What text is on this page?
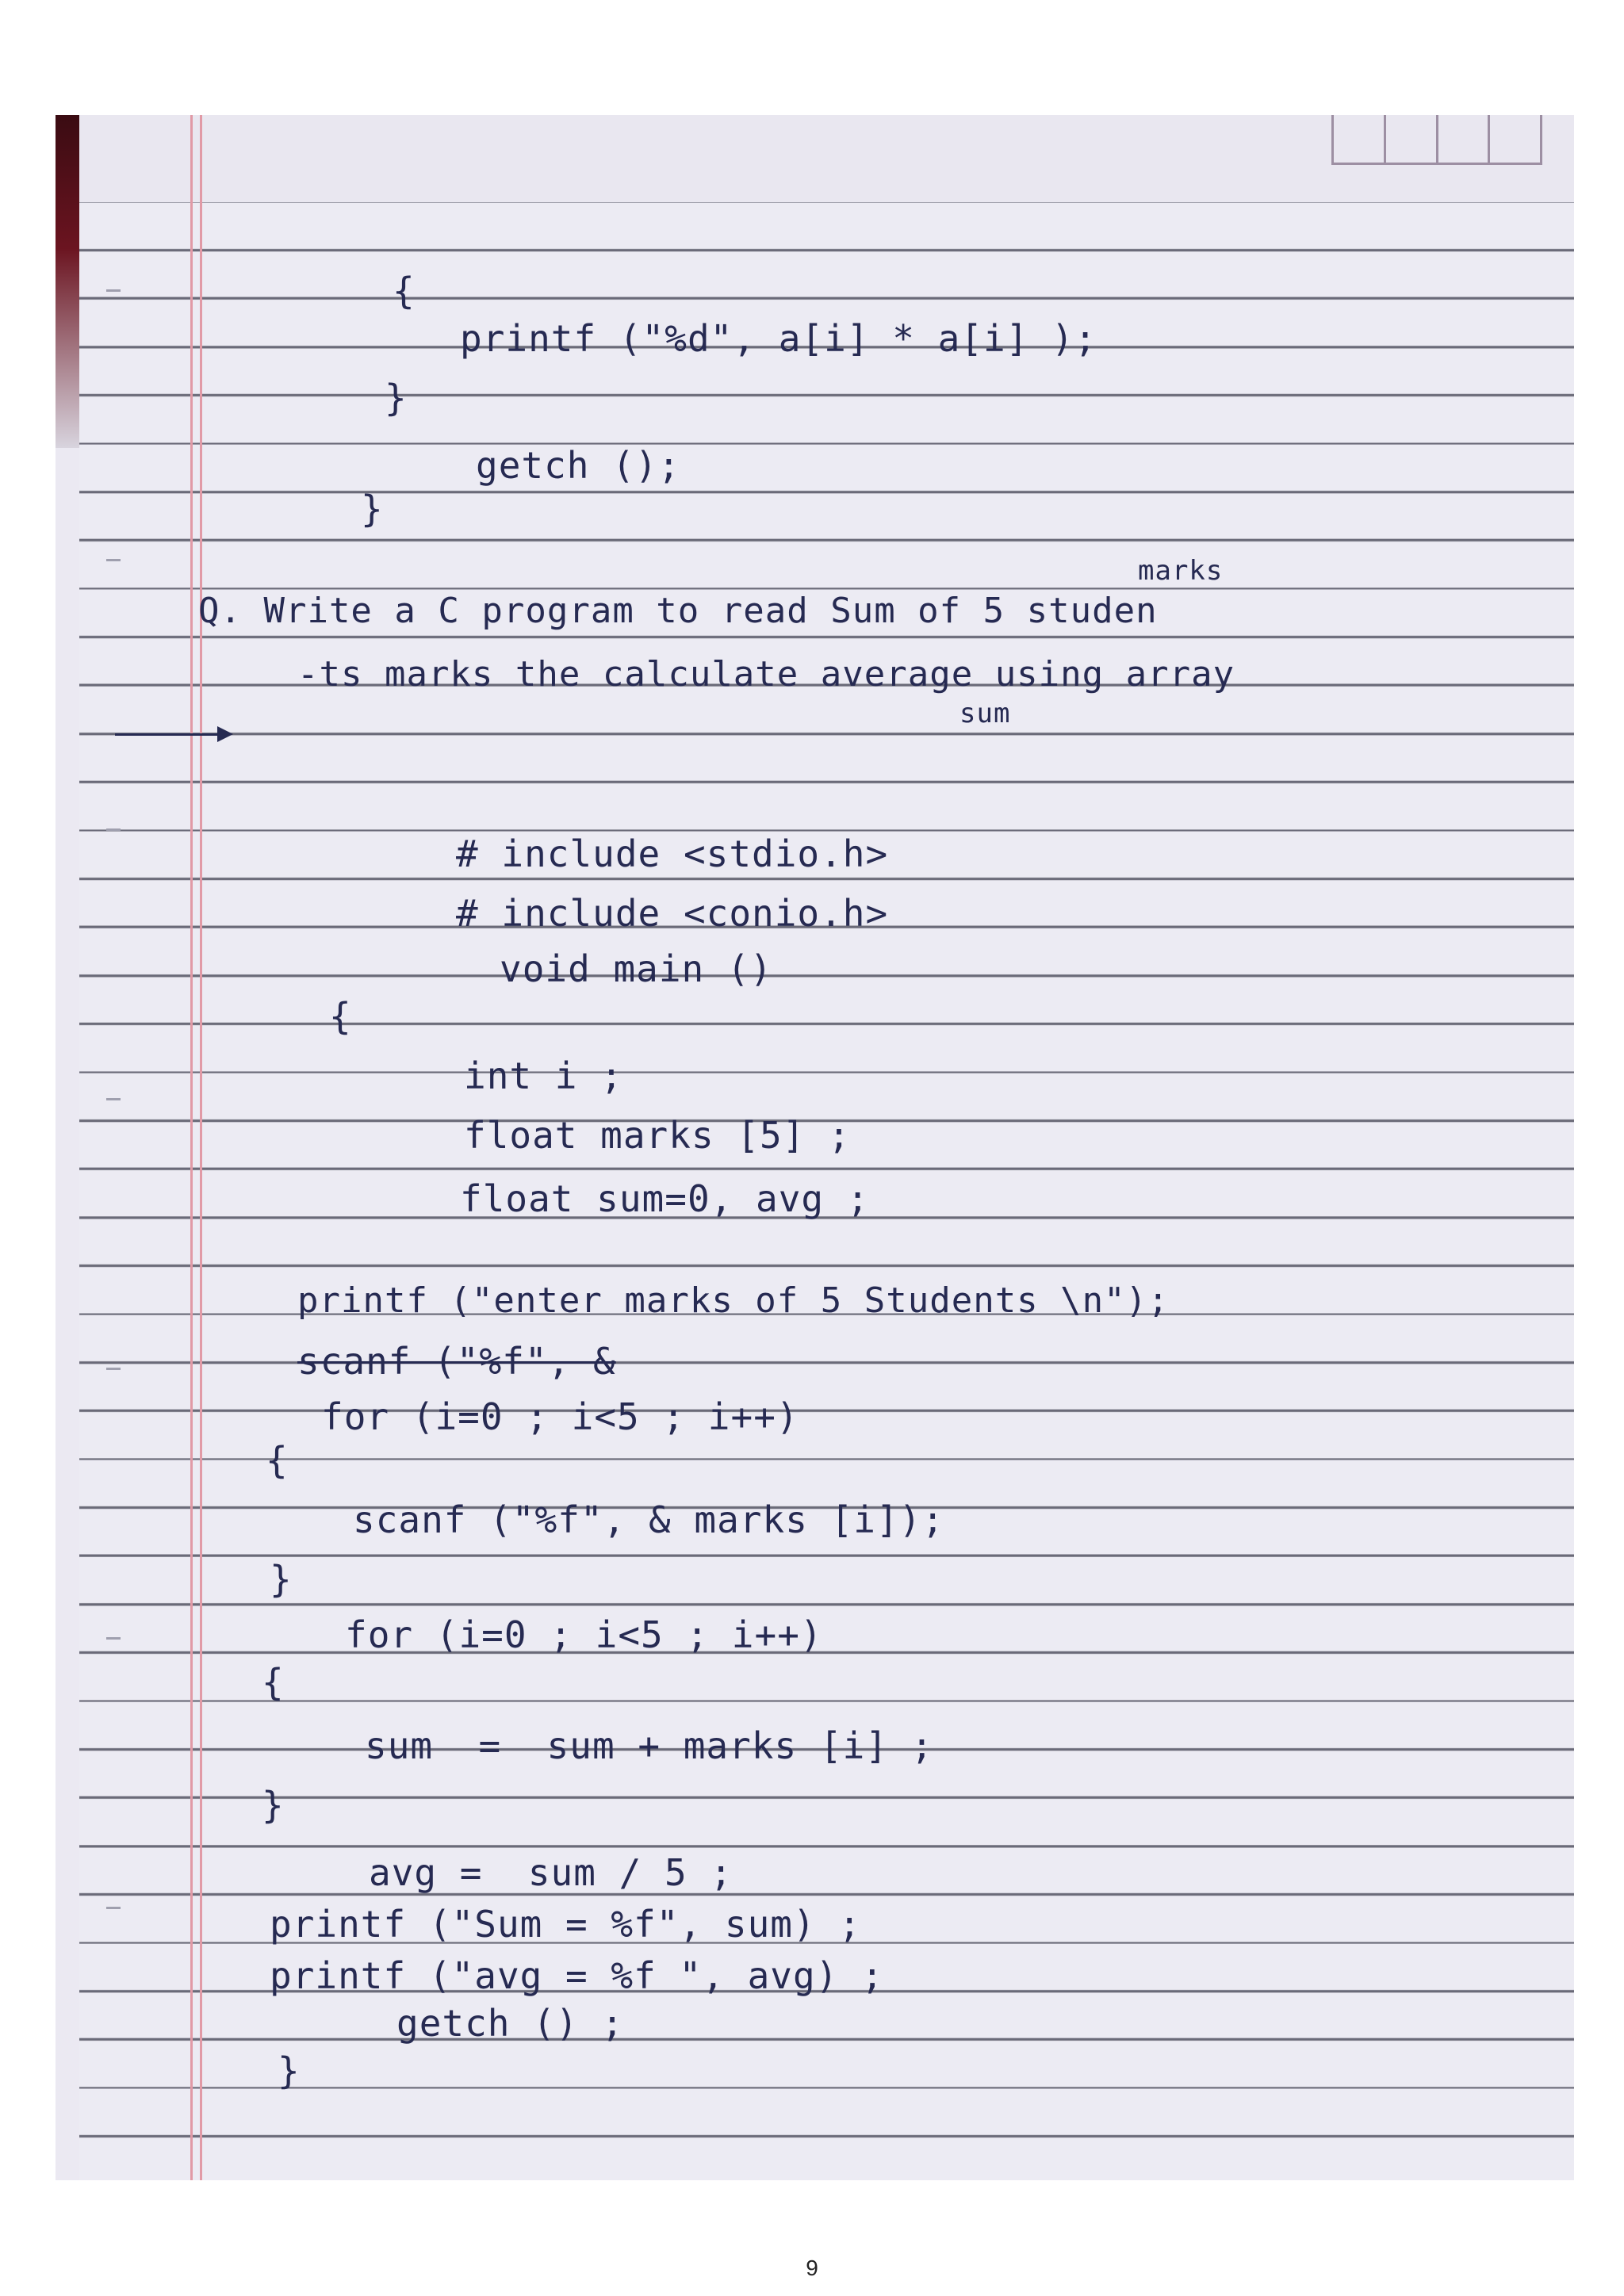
{
printf ("%d", a[i] * a[i] );
}
getch ();
}
marks
Q. Write a C program to read Sum of 5 studen
-ts marks the calculate average using array
sum
# include <stdio.h>
# include <conio.h>
void main ()
{
int i ;
float marks [5] ;
float sum=0, avg ;
printf ("enter marks of 5 Students \n");
scanf ("%f", &
for (i=0 ; i<5 ; i++)
{
scanf ("%f", & marks [i]);
}
for (i=0 ; i<5 ; i++)
{
sum  =  sum + marks [i] ;
}
avg =  sum / 5 ;
printf ("Sum = %f", sum) ;
printf ("avg = %f ", avg) ;
getch () ;
}
9
